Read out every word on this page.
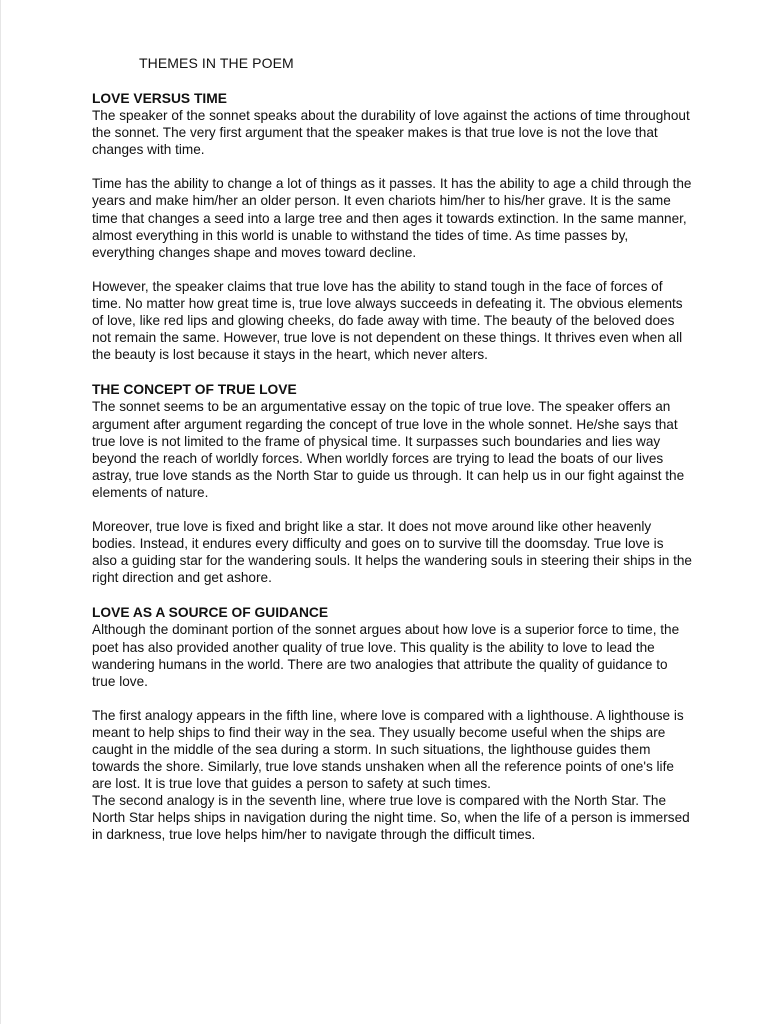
THEMES IN THE POEM
LOVE VERSUS TIME

The speaker of the sonnet speaks about the durability of love against the actions of time throughout the sonnet. The very first argument that the speaker makes is that true love is not the love that changes with time.

Time has the ability to change a lot of things as it passes. It has the ability to age a child through the years and make him/her an older person. It even chariots him/her to his/her grave. It is the same time that changes a seed into a large tree and then ages it towards extinction. In the same manner, almost everything in this world is unable to withstand the tides of time. As time passes by, everything changes shape and moves toward decline.

However, the speaker claims that true love has the ability to stand tough in the face of forces of time. No matter how great time is, true love always succeeds in defeating it. The obvious elements of love, like red lips and glowing cheeks, do fade away with time. The beauty of the beloved does not remain the same. However, true love is not dependent on these things. It thrives even when all the beauty is lost because it stays in the heart, which never alters.

THE CONCEPT OF TRUE LOVE

The sonnet seems to be an argumentative essay on the topic of true love. The speaker offers an argument after argument regarding the concept of true love in the whole sonnet. He/she says that true love is not limited to the frame of physical time. It surpasses such boundaries and lies way beyond the reach of worldly forces. When worldly forces are trying to lead the boats of our lives astray, true love stands as the North Star to guide us through. It can help us in our fight against the elements of nature.

Moreover, true love is fixed and bright like a star. It does not move around like other heavenly bodies. Instead, it endures every difficulty and goes on to survive till the doomsday. True love is also a guiding star for the wandering souls. It helps the wandering souls in steering their ships in the right direction and get ashore.

LOVE AS A SOURCE OF GUIDANCE

Although the dominant portion of the sonnet argues about how love is a superior force to time, the poet has also provided another quality of true love. This quality is the ability to love to lead the wandering humans in the world. There are two analogies that attribute the quality of guidance to true love.

The first analogy appears in the fifth line, where love is compared with a lighthouse. A lighthouse is meant to help ships to find their way in the sea. They usually become useful when the ships are caught in the middle of the sea during a storm. In such situations, the lighthouse guides them towards the shore. Similarly, true love stands unshaken when all the reference points of one's life are lost. It is true love that guides a person to safety at such times.

The second analogy is in the seventh line, where true love is compared with the North Star. The North Star helps ships in navigation during the night time. So, when the life of a person is immersed in darkness, true love helps him/her to navigate through the difficult times.
